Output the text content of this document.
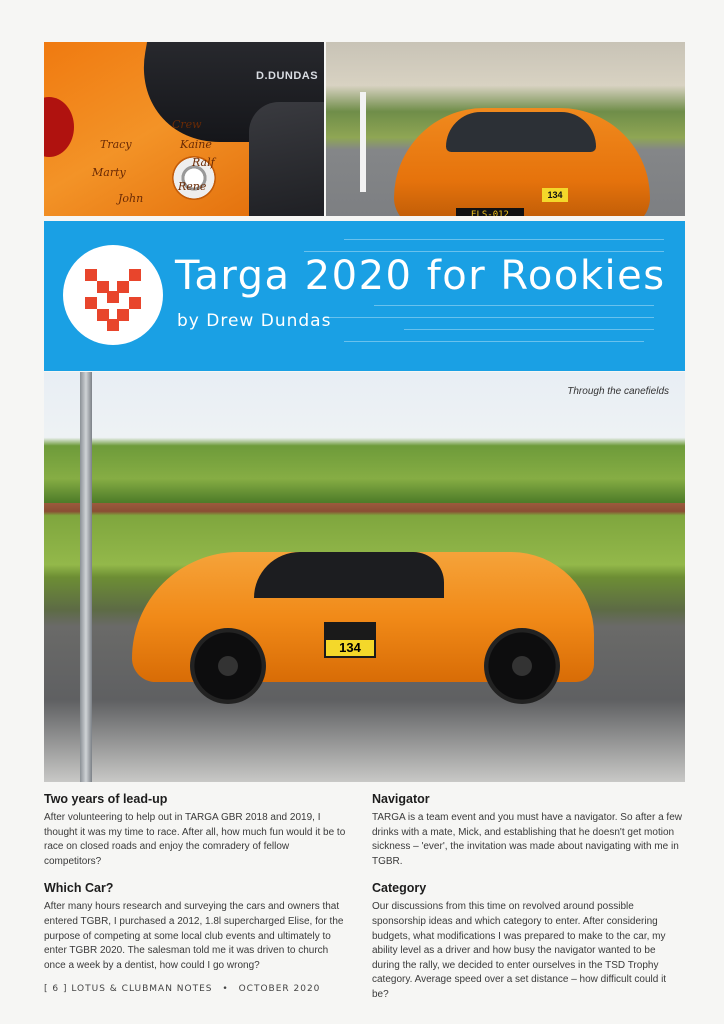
D.DUNDAS
Crew
Tracy	Kaine
Marty
Ralf
John
Rene
ELS-012
134
Targa 2020 for Rookies
by Drew Dundas
Through the canefields
134
Two years of lead-up

After volunteering to help out in TARGA GBR 2018 and 2019, I thought it was my time to race. After all, how much fun would it be to race on closed roads and enjoy the comradery of fellow competitors?

Which Car?

After many hours research and surveying the cars and owners that entered TGBR, I purchased a 2012, 1.8l supercharged Elise, for the purpose of competing at some local club events and ultimately to enter TGBR 2020. The salesman told me it was driven to church once a week by a dentist, how could I go wrong?

Navigator

TARGA is a team event and you must have a navigator. So after a few drinks with a mate, Mick, and establishing that he doesn't get motion sickness – 'ever', the invitation was made about navigating with me in TGBR.

Category

Our discussions from this time on revolved around possible sponsorship ideas and which category to enter. After considering budgets, what modifications I was prepared to make to the car, my ability level as a driver and how busy the navigator wanted to be during the rally, we decided to enter ourselves in the TSD Trophy category. Average speed over a set distance – how difficult could it be?

[ 6 ] LOTUS & CLUBMAN NOTES • OCTOBER 2020
